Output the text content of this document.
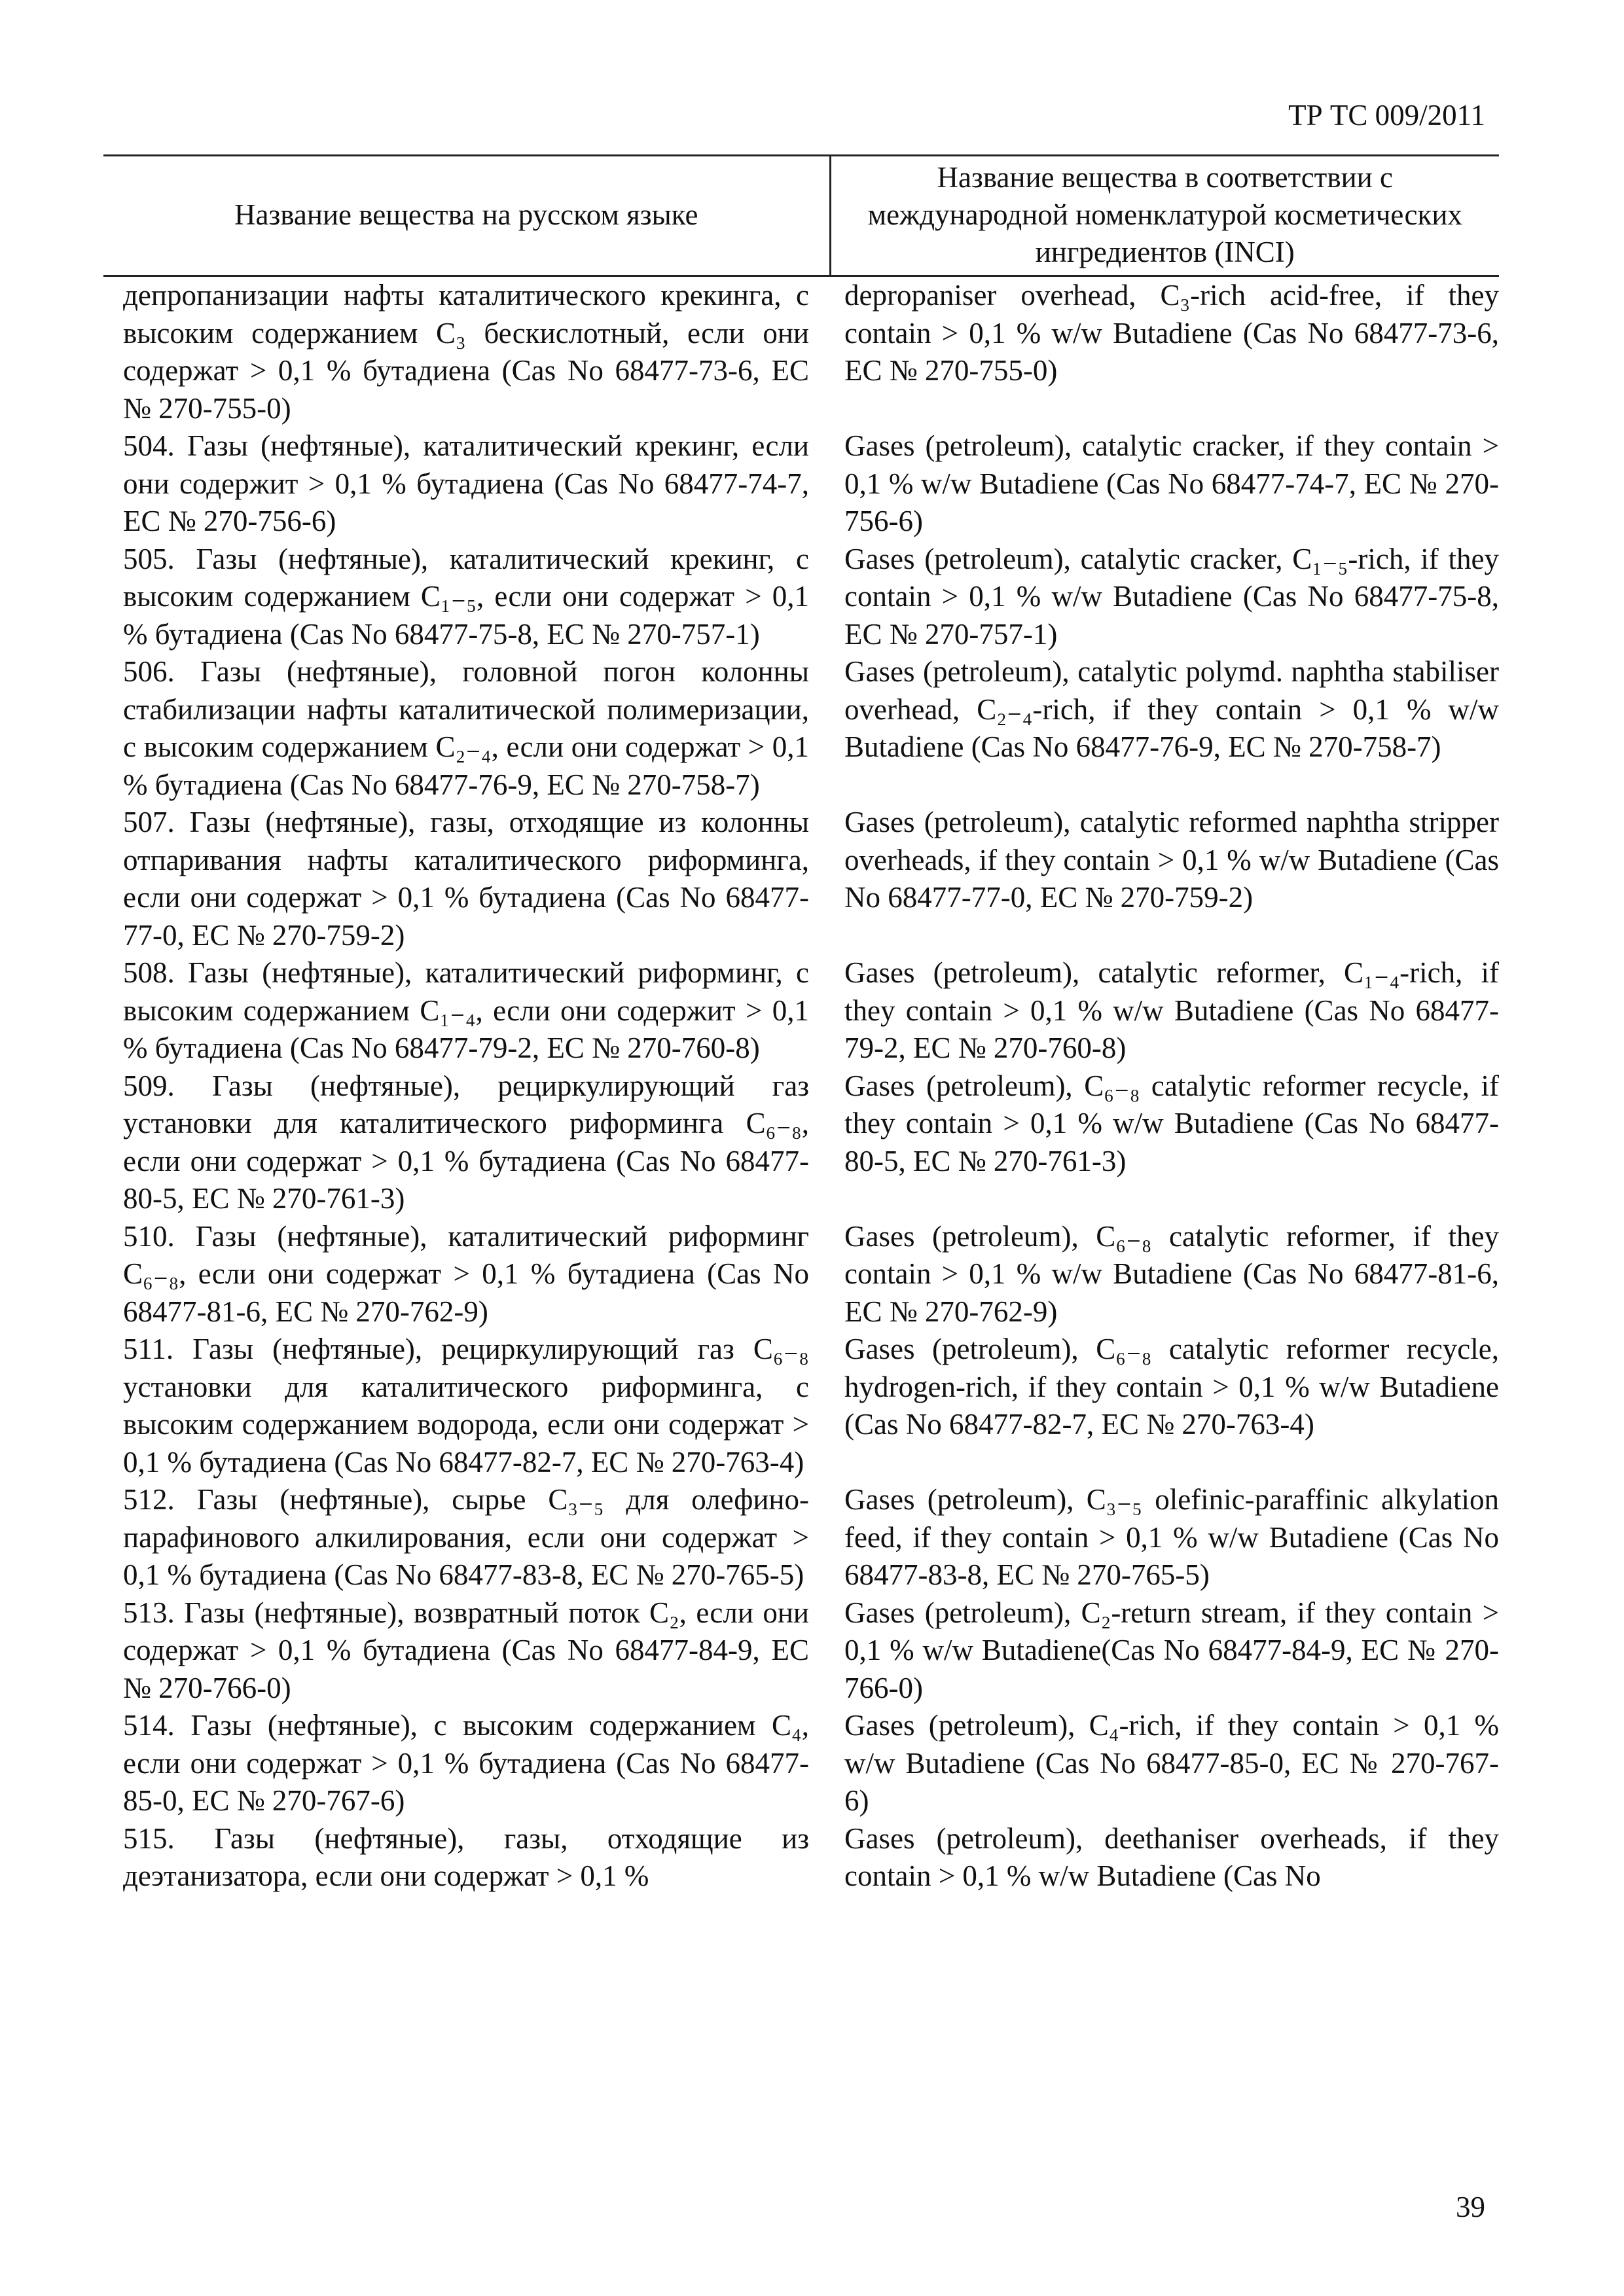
ТР ТС 009/2011
Название вещества на русском языке	Название вещества в соответствии с международной номенклатурой косметических ингредиентов (INCI)
депропанизации нафты каталитического крекинга, с высоким содержанием C₃ бескислотный, если они содержат > 0,1 % бутадиена (Cas No 68477-73-6, ЕС № 270-755-0)	depropaniser overhead, C₃-rich acid-free, if they contain > 0,1 % w/w Butadiene (Cas No 68477-73-6, EC № 270-755-0)
504. Газы (нефтяные), каталитический крекинг, если они содержит > 0,1 % бутадиена (Cas No 68477-74-7, ЕС № 270-756-6)	Gases (petroleum), catalytic cracker, if they contain > 0,1 % w/w Butadiene (Cas No 68477-74-7, EC № 270-756-6)
505. Газы (нефтяные), каталитический крекинг, с высоким содержанием C₁₋₅, если они содержат > 0,1 % бутадиена (Cas No 68477-75-8, ЕС № 270-757-1)	Gases (petroleum), catalytic cracker, C₁₋₅-rich, if they contain > 0,1 % w/w Butadiene (Cas No 68477-75-8, EC № 270-757-1)
506. Газы (нефтяные), головной погон колонны стабилизации нафты каталитической полимеризации, с высоким содержанием C₂₋₄, если они содержат > 0,1 % бутадиена (Cas No 68477-76-9, ЕС № 270-758-7)	Gases (petroleum), catalytic polymd. naphtha stabiliser overhead, C₂₋₄-rich, if they contain > 0,1 % w/w Butadiene (Cas No 68477-76-9, EC № 270-758-7)
507. Газы (нефтяные), газы, отходящие из колонны отпаривания нафты каталитического риформинга, если они содержат > 0,1 % бутадиена (Cas No 68477-77-0, ЕС № 270-759-2)	Gases (petroleum), catalytic reformed naphtha stripper overheads, if they contain > 0,1 % w/w Butadiene (Cas No 68477-77-0, EC № 270-759-2)
508. Газы (нефтяные), каталитический риформинг, с высоким содержанием C₁₋₄, если они содержит > 0,1 % бутадиена (Cas No 68477-79-2, ЕС № 270-760-8)	Gases (petroleum), catalytic reformer, C₁₋₄-rich, if they contain > 0,1 % w/w Butadiene (Cas No 68477-79-2, EC № 270-760-8)
509. Газы (нефтяные), рециркулирующий газ установки для каталитического риформинга C₆₋₈, если они содержат > 0,1 % бутадиена (Cas No 68477-80-5, ЕС № 270-761-3)	Gases (petroleum), C₆₋₈ catalytic reformer recycle, if they contain > 0,1 % w/w Butadiene (Cas No 68477-80-5, EC № 270-761-3)
510. Газы (нефтяные), каталитический риформинг C₆₋₈, если они содержат > 0,1 % бутадиена (Cas No 68477-81-6, ЕС № 270-762-9)	Gases (petroleum), C₆₋₈ catalytic reformer, if they contain > 0,1 % w/w Butadiene (Cas No 68477-81-6, EC № 270-762-9)
511. Газы (нефтяные), рециркулирующий газ C₆₋₈ установки для каталитического риформинга, с высоким содержанием водорода, если они содержат > 0,1 % бутадиена (Cas No 68477-82-7, ЕС № 270-763-4)	Gases (petroleum), C₆₋₈ catalytic reformer recycle, hydrogen-rich, if they contain > 0,1 % w/w Butadiene (Cas No 68477-82-7, EC № 270-763-4)
512. Газы (нефтяные), сырье C₃₋₅ для олефино-парафинового алкилирования, если они содержат > 0,1 % бутадиена (Cas No 68477-83-8, ЕС № 270-765-5)	Gases (petroleum), C₃₋₅ olefinic-paraffinic alkylation feed, if they contain > 0,1 % w/w Butadiene (Cas No 68477-83-8, EC № 270-765-5)
513. Газы (нефтяные), возвратный поток C₂, если они содержат > 0,1 % бутадиена (Cas No 68477-84-9, ЕС № 270-766-0)	Gases (petroleum), C₂-return stream, if they contain > 0,1 % w/w Butadiene(Cas No 68477-84-9, EC № 270-766-0)
514. Газы (нефтяные), с высоким содержанием C₄, если они содержат > 0,1 % бутадиена (Cas No 68477-85-0, ЕС № 270-767-6)	Gases (petroleum), C₄-rich, if they contain > 0,1 % w/w Butadiene (Cas No 68477-85-0, EC № 270-767-6)
515. Газы (нефтяные), газы, отходящие из деэтанизатора, если они содержат > 0,1 %	Gases (petroleum), deethaniser overheads, if they contain > 0,1 % w/w Butadiene (Cas No
39
